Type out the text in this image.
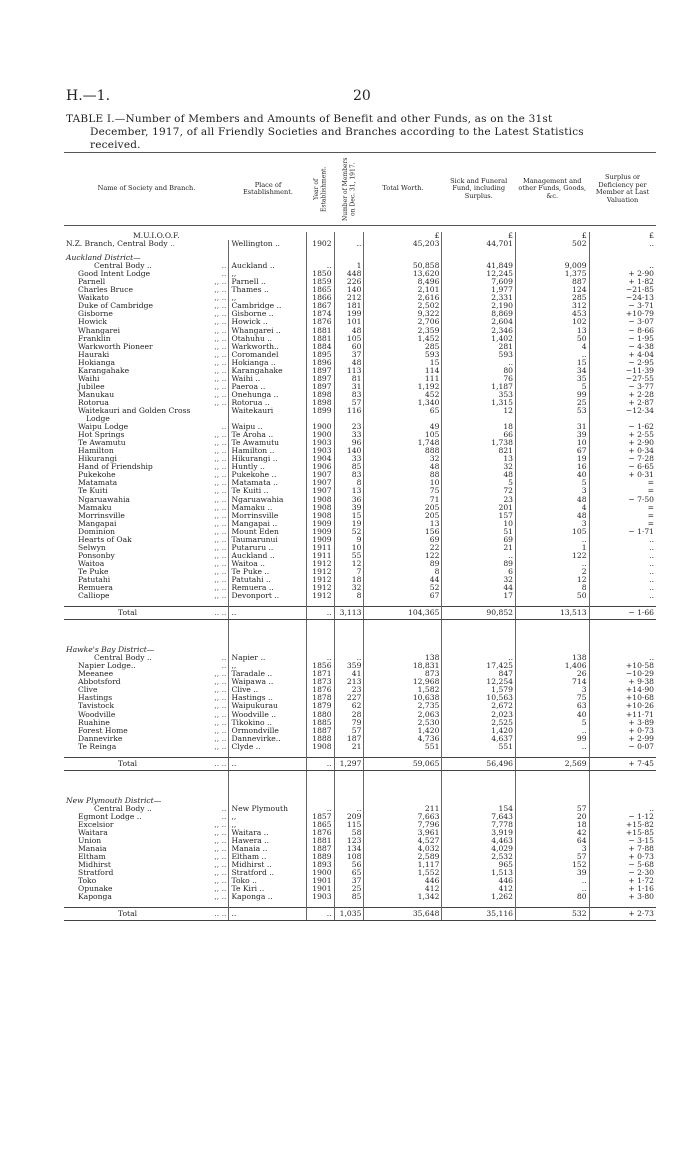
H.—1.	20
TABLE I.—Number of Members and Amounts of Benefit and other Funds, as on the 31st
December, 1917, of all Friendly Societies and Branches according to the Latest Statistics
received.
Name of Society and Branch.	Place of Establishment.	Year of Establishment.	Number of Members on Dec. 31, 1917.	Total Worth.	Sick and Funeral Fund, including Surplus.	Management and other Funds, Goods, &c.	Surplus or Deficiency per Member at Last Valuation

M.U.I.O.O.F.				£	£	£	£
N.Z. Branch, Central Body ..	Wellington ..	1902	..	45,203	44,701	502	..

Auckland District—							
Central Body .. ..	Auckland ..	..	1	50,858	41,849	9,009	..
Good Intent Lodge ..	,,	1850	448	13,620	12,245	1,375	+ 2·90
Parnell ,, ..	Parnell ..	1859	226	8,496	7,609	887	+ 1·82
Charles Bruce ,, ..	Thames ..	1865	140	2,101	1,977	124	−21·85
Waikato ,, ..	,,	1866	212	2,616	2,331	285	−24·13
Duke of Cambridge ,, ..	Cambridge ..	1867	181	2,502	2,190	312	− 3·71
Gisborne ,, ..	Gisborne ..	1874	199	9,322	8,869	453	+10·79
Howick ,, ..	Howick ..	1876	101	2,706	2,604	102	− 3·07
Whangarei ,, ..	Whangarei ..	1881	48	2,359	2,346	13	− 8·66
Franklin ,, ..	Otahuhu ..	1881	105	1,452	1,402	50	− 1·95
Warkworth Pioneer ,, ..	Warkworth..	1884	60	285	281	4	− 4·38
Hauraki ,, ..	Coromandel	1895	37	593	593	..	+ 4·04
Hokianga ,, ..	Hokianga ..	1896	48	15	..	15	− 2·95
Karangahake ,, ..	Karangahake	1897	113	114	80	34	−11·39
Waihi ,, ..	Waihi ..	1897	81	111	76	35	−27·55
Jubilee ,, ..	Paeroa ..	1897	31	1,192	1,187	5	− 3·77
Manukau ,, ..	Onehunga ..	1898	83	452	353	99	+ 2·28
Rotorua ,, ..	Rotorua ..	1898	57	1,340	1,315	25	+ 2·87
Waitekauri and Golden Cross	Waitekauri	1899	116	65	12	53	−12·34
Lodge

Waipu Lodge ..	Waipu ..	1900	23	49	18	31	− 1·62
Hot Springs ,, ..	Te Aroha ..	1900	33	105	66	39	+ 2·55
Te Awamutu ,, ..	Te Awamutu	1903	96	1,748	1,738	10	+ 2·90
Hamilton ,, ..	Hamilton ..	1903	140	888	821	67	+ 0·34
Hikurangi ,, ..	Hikurangi ..	1904	33	32	13	19	− 7·28
Hand of Friendship ,, ..	Huntly ..	1906	85	48	32	16	− 6·65
Pukekohe ,, ..	Pukekohe ..	1907	83	88	48	40	+ 0·31
Matamata ,, ..	Matamata ..	1907	8	10	5	5	=
Te Kuiti ,, ..	Te Kuiti ..	1907	13	75	72	3	=
Ngaruawahia ,, ..	Ngaruawahia	1908	36	71	23	48	− 7·50
Mamaku ,, ..	Mamaku ..	1908	39	205	201	4	=
Morrinsville ,, ..	Morrinsville	1908	15	205	157	48	=
Mangapai ,, ..	Mangapai ..	1909	19	13	10	3	=
Dominion ,, ..	Mount Eden	1909	52	156	51	105	− 1·71
Hearts of Oak ,, ..	Taumarunui	1909	9	69	69	..	..
Selwyn ,, ..	Putaruru ..	1911	10	22	21	1	..
Ponsonby ,, ..	Auckland ..	1911	55	122	..	122	..
Waitoa ,, ..	Waitoa ..	1912	12	89	89	..	..
Te Puke ,, ..	Te Puke ..	1912	7	8	6	2	..
Patutahi ,, ..	Patutahi ..	1912	18	44	32	12	..
Remuera ,, ..	Remuera ..	1912	32	52	44	8	..
Calliope ,, ..	Devonport ..	1912	8	67	17	50	..

Total .. ..	..	..	3,113	104,365	90,852	13,513	− 1·66

Hawke's Bay District—							
Central Body .. ..	Napier ..	..	..	138	..	138	..
Napier Lodge.. ..	,,	1856	359	18,831	17,425	1,406	+10·58
Meeanee ,, ..	Taradale ..	1871	41	873	847	26	−10·29
Abbotsford ,, ..	Waipawa ..	1873	213	12,968	12,254	714	+ 9·38
Clive ,, ..	Clive ..	1876	23	1,582	1,579	3	+14·90
Hastings ,, ..	Hastings ..	1878	227	10,638	10,563	75	+10·68
Tavistock ,, ..	Waipukurau	1879	62	2,735	2,672	63	+10·26
Woodville ,, ..	Woodville ..	1880	28	2,063	2,023	40	+11·71
Ruahine ,, ..	Tikokino ..	1885	79	2,530	2,525	5	+ 3·89
Forest Home ,, ..	Ormondville	1887	57	1,420	1,420	..	+ 0·73
Dannevirke ,, ..	Dannevirke..	1888	187	4,736	4,637	99	+ 2·99
Te Reinga ,, ..	Clyde ..	1908	21	551	551	..	− 0·07

Total .. ..	..	..	1,297	59,065	56,496	2,569	+ 7·45

New Plymouth District—							
Central Body .. ..	New Plymouth	..	..	211	154	57	..
Egmont Lodge .. ..	,,	1857	209	7,663	7,643	20	− 1·12
Excelsior ,, ..	,,	1865	115	7,796	7,778	18	+15·82
Waitara ,, ..	Waitara ..	1876	58	3,961	3,919	42	+15·85
Union ,, ..	Hawera ..	1881	123	4,527	4,463	64	− 3·15
Manaia ,, ..	Manaia ..	1887	134	4,032	4,029	3	+ 7·88
Eltham ,, ..	Eltham ..	1889	108	2,589	2,532	57	+ 0·73
Midhirst ,, ..	Midhirst ..	1893	56	1,117	965	152	− 5·68
Stratford ,, ..	Stratford ..	1900	65	1,552	1,513	39	− 2·30
Toko ,, ..	Toko ..	1901	37	446	446	..	+ 1·72
Opunake ,, ..	Te Kiri ..	1901	25	412	412	..	+ 1·16
Kaponga ,, ..	Kaponga ..	1903	85	1,342	1,262	80	+ 3·80

Total .. ..	..	..	1,035	35,648	35,116	532	+ 2·73
